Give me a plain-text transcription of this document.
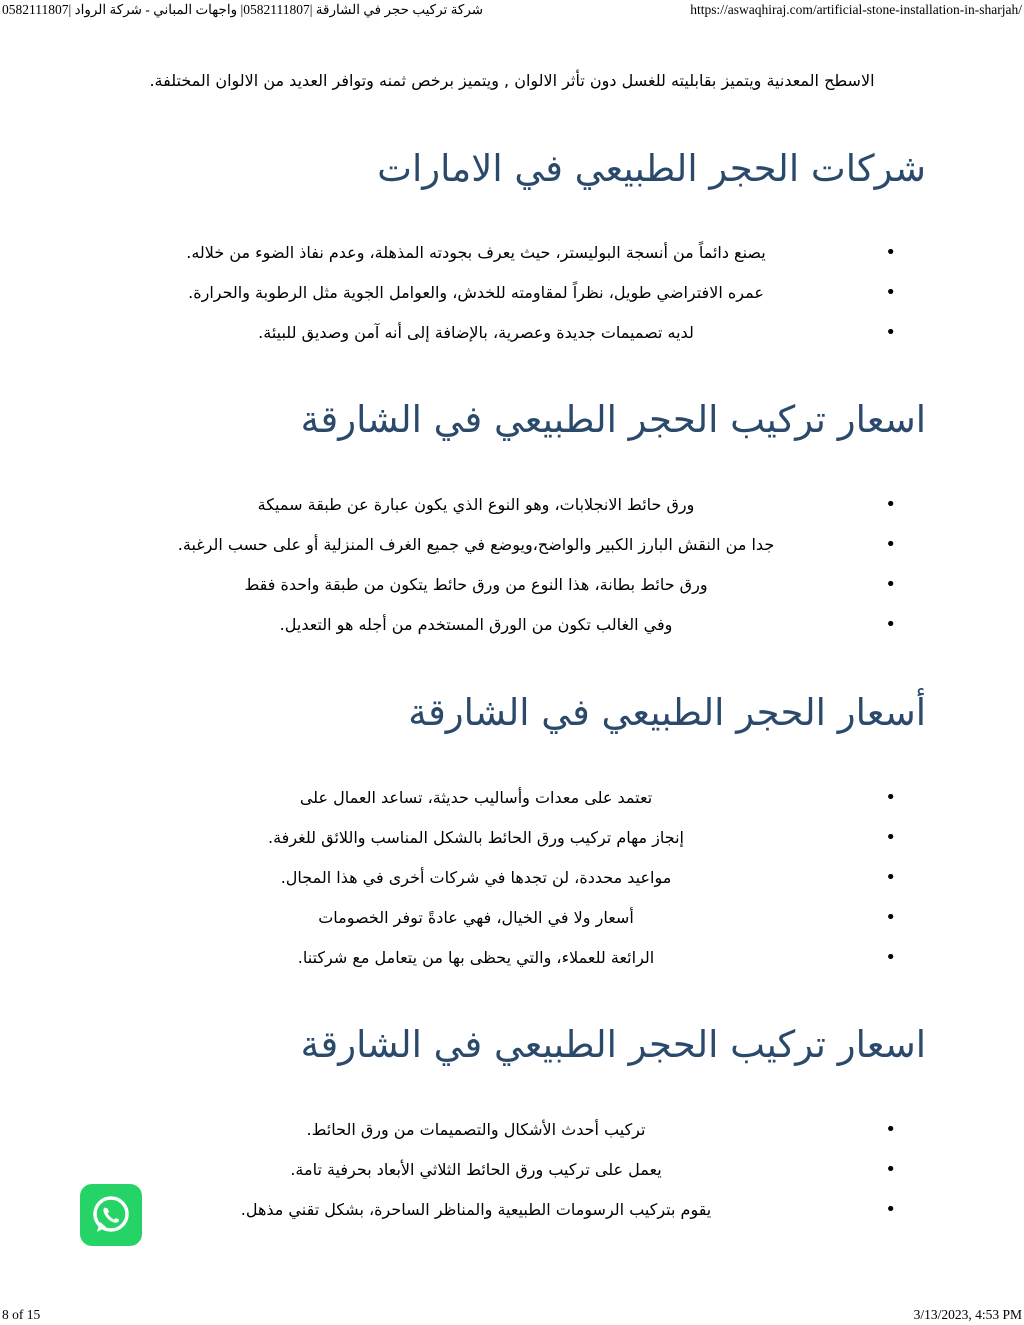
شركة تركيب حجر في الشارقة |0582111807| واجهات المباني - شركة الرواد |0582111807	https://aswaqhiraj.com/artificial-stone-installation-in-sharjah/
الاسطح المعدنية ويتميز بقابليته للغسل دون تأثر الالوان , ويتميز برخص ثمنه وتوافر العديد من الالوان المختلفة.
شركات الحجر الطبيعي في الامارات
•
يصنع دائماً من أنسجة البوليستر، حيث يعرف بجودته المذهلة، وعدم نفاذ الضوء من خلاله.
•
عمره الافتراضي طويل، نظراً لمقاومته للخدش، والعوامل الجوية مثل الرطوبة والحرارة.
•
لديه تصميمات جديدة وعصرية، بالإضافة إلى أنه آمن وصديق للبيئة.
اسعار تركيب الحجر الطبيعي في الشارقة
•
ورق حائط الانجلابات، وهو النوع الذي يكون عبارة عن طبقة سميكة
•
جدا من النقش البارز الكبير والواضح،ويوضع في جميع الغرف المنزلية أو على حسب الرغبة.
•
ورق حائط بطانة، هذا النوع من ورق حائط يتكون من طبقة واحدة فقط
•
وفي الغالب تكون من الورق المستخدم من أجله هو التعديل.
أسعار الحجر الطبيعي في الشارقة
•
تعتمد على معدات وأساليب حديثة، تساعد العمال على
•
إنجاز مهام تركيب ورق الحائط بالشكل المناسب واللائق للغرفة.
•
مواعيد محددة، لن تجدها في شركات أخرى في هذا المجال.
•
أسعار ولا في الخيال، فهي عادةً توفر الخصومات
•
الرائعة للعملاء، والتي يحظى بها من يتعامل مع شركتنا.
اسعار تركيب الحجر الطبيعي في الشارقة
•
تركيب أحدث الأشكال والتصميمات من ورق الحائط.
•
يعمل على تركيب ورق الحائط الثلاثي الأبعاد بحرفية تامة.
•
يقوم بتركيب الرسومات الطبيعية والمناظر الساحرة، بشكل تقني مذهل.
8 of 15	3/13/2023, 4:53 PM
